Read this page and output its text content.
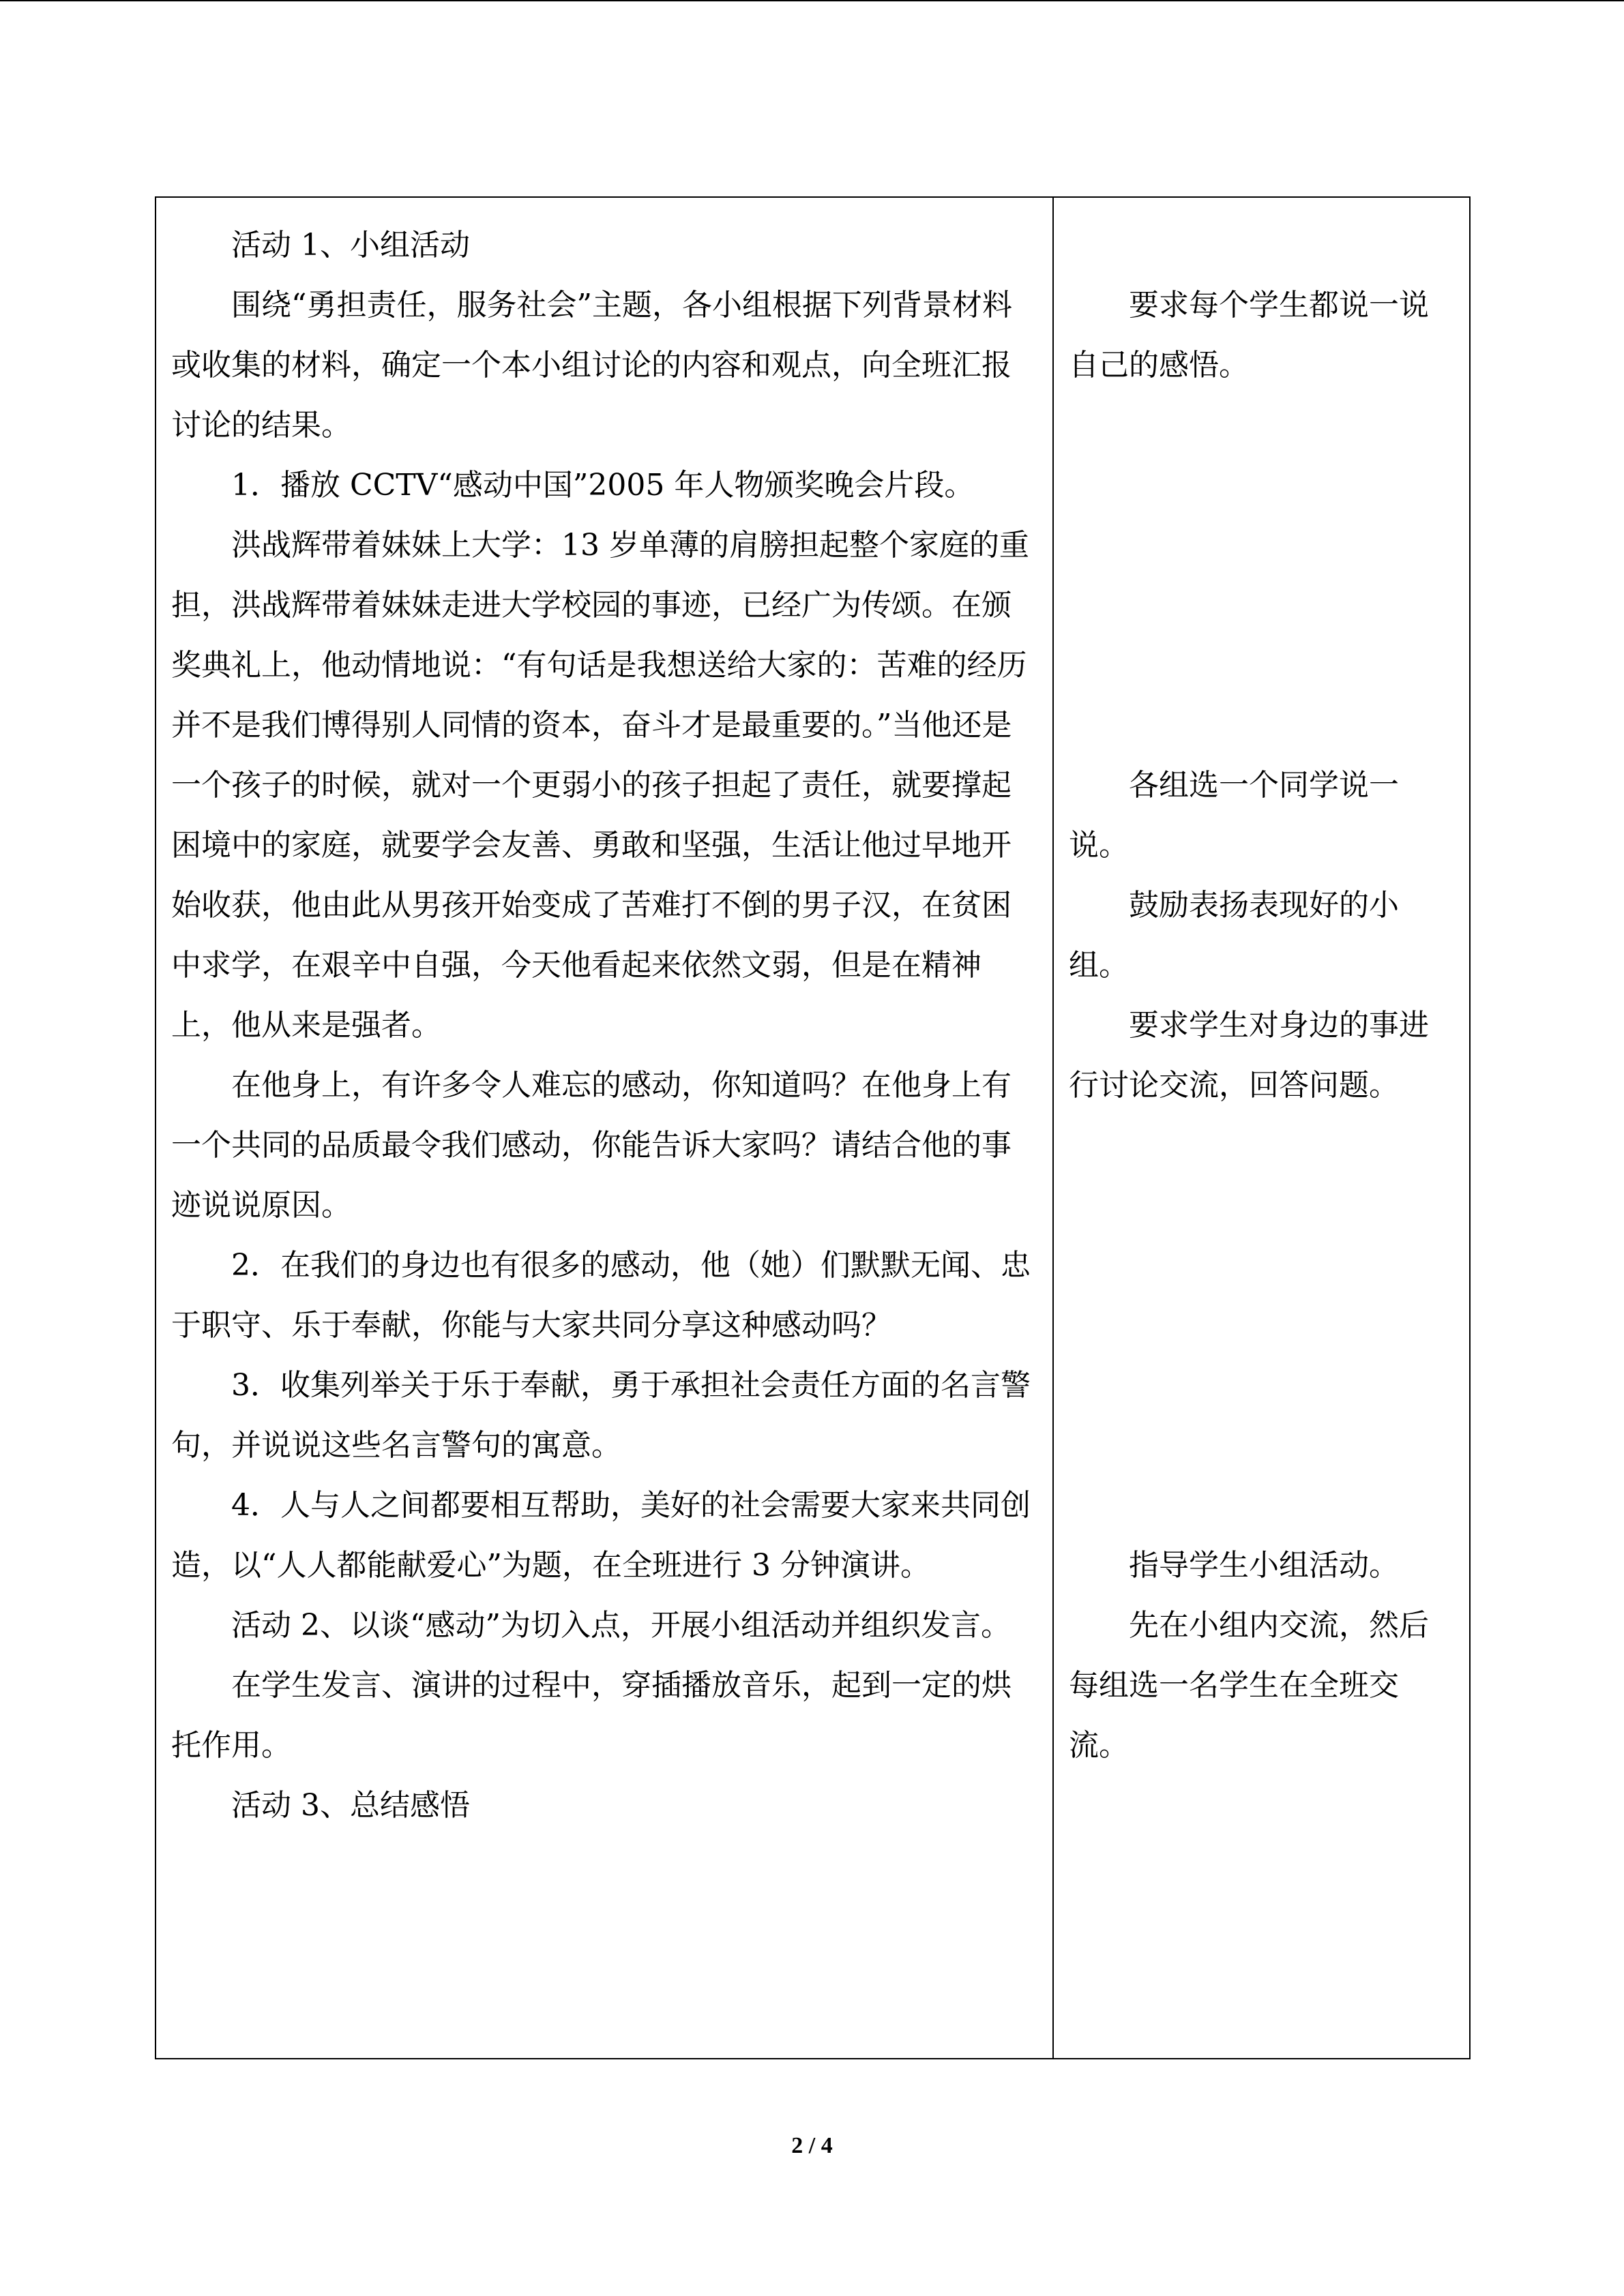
活动 1、小组活动

围绕“勇担责任，服务社会”主题，各小组根据下列背景材料或收集的材料，确定一个本小组讨论的内容和观点，向全班汇报讨论的结果。

1．播放 CCTV“感动中国”2005 年人物颁奖晚会片段。

洪战辉带着妹妹上大学：13 岁单薄的肩膀担起整个家庭的重担，洪战辉带着妹妹走进大学校园的事迹，已经广为传颂。在颁奖典礼上，他动情地说：“有句话是我想送给大家的：苦难的经历并不是我们博得别人同情的资本，奋斗才是最重要的。”当他还是一个孩子的时候，就对一个更弱小的孩子担起了责任，就要撑起困境中的家庭，就要学会友善、勇敢和坚强，生活让他过早地开始收获，他由此从男孩开始变成了苦难打不倒的男子汉，在贫困中求学，在艰辛中自强，今天他看起来依然文弱，但是在精神上，他从来是强者。

在他身上，有许多令人难忘的感动，你知道吗？在他身上有一个共同的品质最令我们感动，你能告诉大家吗？请结合他的事迹说说原因。

2．在我们的身边也有很多的感动，他（她）们默默无闻、忠于职守、乐于奉献，你能与大家共同分享这种感动吗？

3．收集列举关于乐于奉献，勇于承担社会责任方面的名言警句，并说说这些名言警句的寓意。

4．人与人之间都要相互帮助，美好的社会需要大家来共同创造，以“人人都能献爱心”为题，在全班进行 3 分钟演讲。

活动 2、以谈“感动”为切入点，开展小组活动并组织发言。

在学生发言、演讲的过程中，穿插播放音乐，起到一定的烘托作用。

活动 3、总结感悟

要求每个学生都说一说自己的感悟。

各组选一个同学说一说。

鼓励表扬表现好的小组。

要求学生对身边的事进行讨论交流，回答问题。

指导学生小组活动。

先在小组内交流，然后每组选一名学生在全班交流。

2 / 4
